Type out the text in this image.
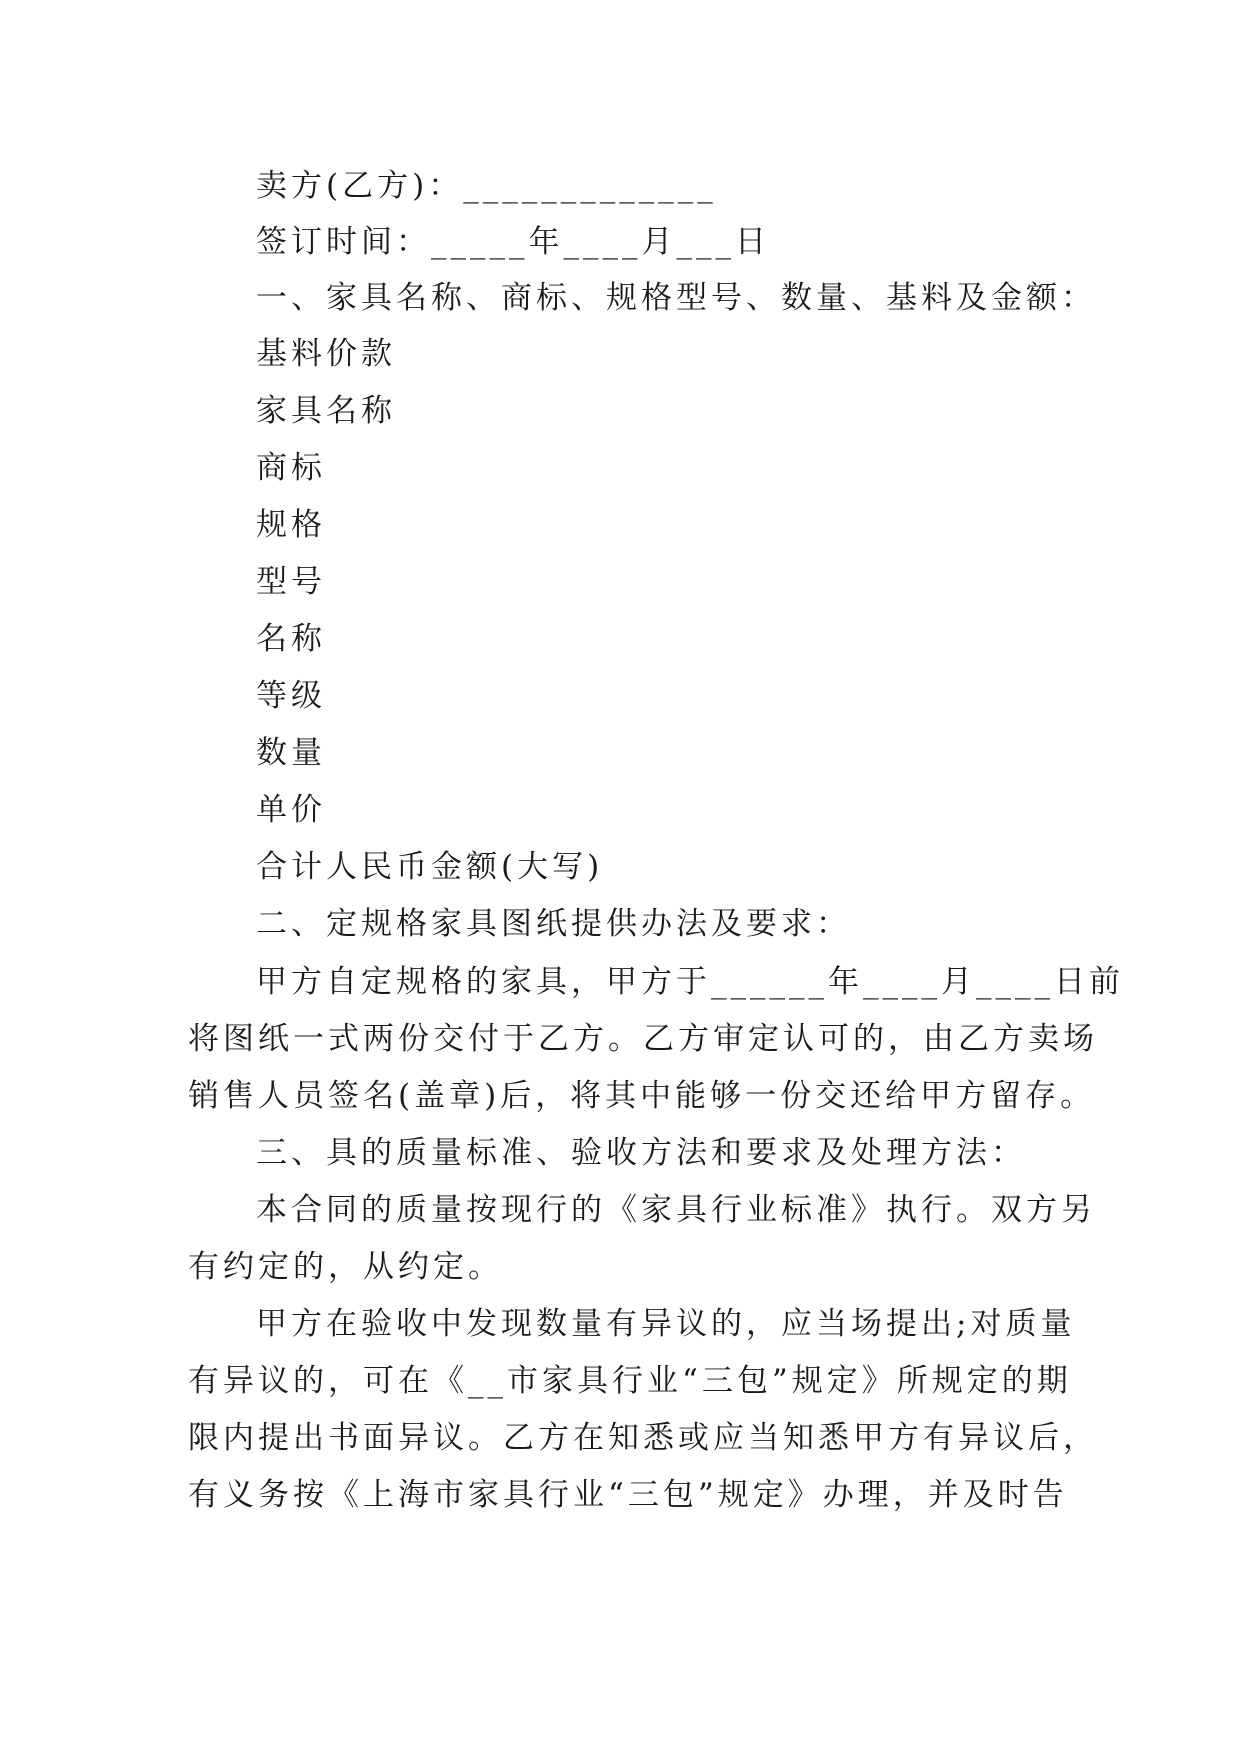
卖方(乙方)：_____________
签订时间：_____年____月___日
一、家具名称、商标、规格型号、数量、基料及金额：
基料价款
家具名称
商标
规格
型号
名称
等级
数量
单价
合计人民币金额(大写)
二、定规格家具图纸提供办法及要求：
甲方自定规格的家具，甲方于______年____月____日前
将图纸一式两份交付于乙方。乙方审定认可的，由乙方卖场
销售人员签名(盖章)后，将其中能够一份交还给甲方留存。
三、具的质量标准、验收方法和要求及处理方法：
本合同的质量按现行的《家具行业标准》执行。双方另
有约定的，从约定。
甲方在验收中发现数量有异议的，应当场提出;对质量
有异议的，可在《__市家具行业“三包”规定》所规定的期
限内提出书面异议。乙方在知悉或应当知悉甲方有异议后，
有义务按《上海市家具行业“三包”规定》办理，并及时告
